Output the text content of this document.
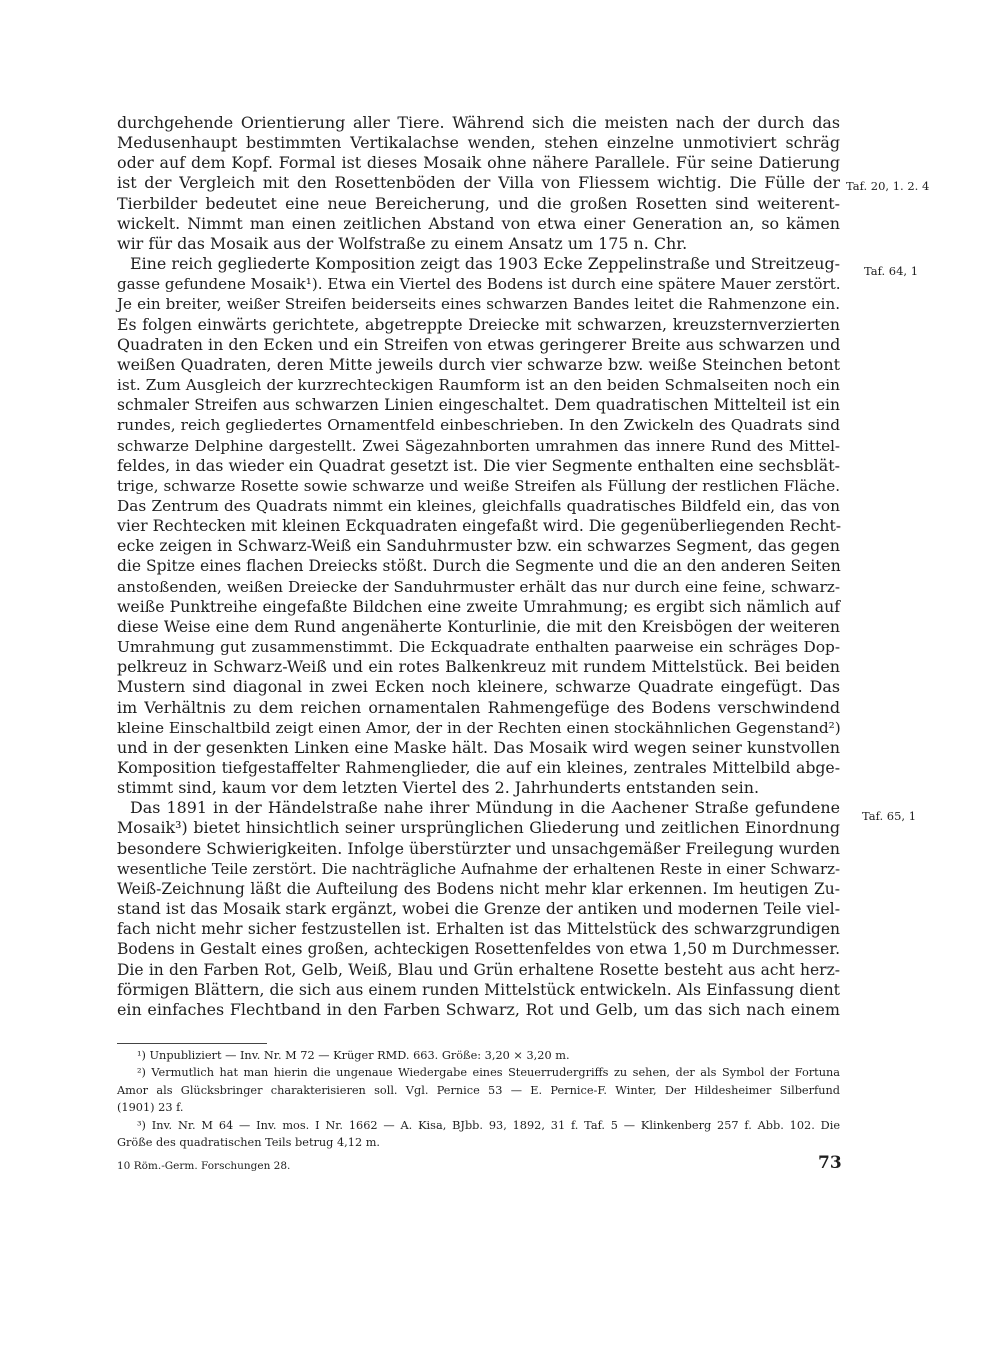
durchgehende Orientierung aller Tiere. Während sich die meisten nach der durch das
Medusenhaupt bestimmten Vertikalachse wenden, stehen einzelne unmotiviert schräg
oder auf dem Kopf. Formal ist dieses Mosaik ohne nähere Parallele. Für seine Datierung
ist der Vergleich mit den Rosettenböden der Villa von Fliessem wichtig. Die Fülle der
Tierbilder bedeutet eine neue Bereicherung, und die großen Rosetten sind weiterent-
wickelt. Nimmt man einen zeitlichen Abstand von etwa einer Generation an, so kämen
wir für das Mosaik aus der Wolfstraße zu einem Ansatz um 175 n. Chr.
Eine reich gegliederte Komposition zeigt das 1903 Ecke Zeppelinstraße und Streitzeug-
gasse gefundene Mosaik¹). Etwa ein Viertel des Bodens ist durch eine spätere Mauer zerstört.
Je ein breiter, weißer Streifen beiderseits eines schwarzen Bandes leitet die Rahmenzone ein.
Es folgen einwärts gerichtete, abgetreppte Dreiecke mit schwarzen, kreuzsternverzierten
Quadraten in den Ecken und ein Streifen von etwas geringerer Breite aus schwarzen und
weißen Quadraten, deren Mitte jeweils durch vier schwarze bzw. weiße Steinchen betont
ist. Zum Ausgleich der kurzrechteckigen Raumform ist an den beiden Schmalseiten noch ein
schmaler Streifen aus schwarzen Linien eingeschaltet. Dem quadratischen Mittelteil ist ein
rundes, reich gegliedertes Ornamentfeld einbeschrieben. In den Zwickeln des Quadrats sind
schwarze Delphine dargestellt. Zwei Sägezahnborten umrahmen das innere Rund des Mittel-
feldes, in das wieder ein Quadrat gesetzt ist. Die vier Segmente enthalten eine sechsblät-
trige, schwarze Rosette sowie schwarze und weiße Streifen als Füllung der restlichen Fläche.
Das Zentrum des Quadrats nimmt ein kleines, gleichfalls quadratisches Bildfeld ein, das von
vier Rechtecken mit kleinen Eckquadraten eingefaßt wird. Die gegenüberliegenden Recht-
ecke zeigen in Schwarz-Weiß ein Sanduhrmuster bzw. ein schwarzes Segment, das gegen
die Spitze eines flachen Dreiecks stößt. Durch die Segmente und die an den anderen Seiten
anstoßenden, weißen Dreiecke der Sanduhrmuster erhält das nur durch eine feine, schwarz-
weiße Punktreihe eingefaßte Bildchen eine zweite Umrahmung; es ergibt sich nämlich auf
diese Weise eine dem Rund angenäherte Konturlinie, die mit den Kreisbögen der weiteren
Umrahmung gut zusammenstimmt. Die Eckquadrate enthalten paarweise ein schräges Dop-
pelkreuz in Schwarz-Weiß und ein rotes Balkenkreuz mit rundem Mittelstück. Bei beiden
Mustern sind diagonal in zwei Ecken noch kleinere, schwarze Quadrate eingefügt. Das
im Verhältnis zu dem reichen ornamentalen Rahmengefüge des Bodens verschwindend
kleine Einschaltbild zeigt einen Amor, der in der Rechten einen stockähnlichen Gegenstand²)
und in der gesenkten Linken eine Maske hält. Das Mosaik wird wegen seiner kunstvollen
Komposition tiefgestaffelter Rahmenglieder, die auf ein kleines, zentrales Mittelbild abge-
stimmt sind, kaum vor dem letzten Viertel des 2. Jahrhunderts entstanden sein.
Das 1891 in der Händelstraße nahe ihrer Mündung in die Aachener Straße gefundene
Mosaik³) bietet hinsichtlich seiner ursprünglichen Gliederung und zeitlichen Einordnung
besondere Schwierigkeiten. Infolge überstürzter und unsachgemäßer Freilegung wurden
wesentliche Teile zerstört. Die nachträgliche Aufnahme der erhaltenen Reste in einer Schwarz-
Weiß-Zeichnung läßt die Aufteilung des Bodens nicht mehr klar erkennen. Im heutigen Zu-
stand ist das Mosaik stark ergänzt, wobei die Grenze der antiken und modernen Teile viel-
fach nicht mehr sicher festzustellen ist. Erhalten ist das Mittelstück des schwarzgrundigen
Bodens in Gestalt eines großen, achteckigen Rosettenfeldes von etwa 1,50 m Durchmesser.
Die in den Farben Rot, Gelb, Weiß, Blau und Grün erhaltene Rosette besteht aus acht herz-
förmigen Blättern, die sich aus einem runden Mittelstück entwickeln. Als Einfassung dient
ein einfaches Flechtband in den Farben Schwarz, Rot und Gelb, um das sich nach einem
Taf. 20, 1. 2. 4
Taf. 64, 1
Taf. 65, 1
¹) Unpubliziert — Inv. Nr. M 72 — Krüger RMD. 663. Größe: 3,20 × 3,20 m.
²) Vermutlich hat man hierin die ungenaue Wiedergabe eines Steuerrudergriffs zu sehen, der als Symbol der Fortuna
Amor als Glücksbringer charakterisieren soll. Vgl. Pernice 53 — E. Pernice-F. Winter, Der Hildesheimer Silberfund
(1901) 23 f.
³) Inv. Nr. M 64 — Inv. mos. I Nr. 1662 — A. Kisa, BJbb. 93, 1892, 31 f. Taf. 5 — Klinkenberg 257 f. Abb. 102. Die
Größe des quadratischen Teils betrug 4,12 m.
10 Röm.-Germ. Forschungen 28.	73
